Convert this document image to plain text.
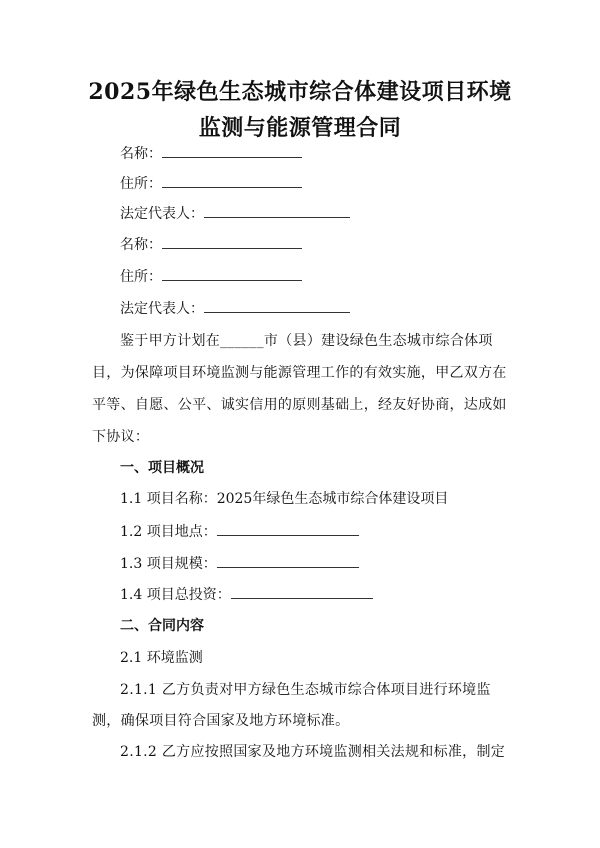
2025年绿色生态城市综合体建设项目环境
监测与能源管理合同
名称：
住所：
法定代表人：
名称：
住所：
法定代表人：
鉴于甲方计划在______市（县）建设绿色生态城市综合体项
目，为保障项目环境监测与能源管理工作的有效实施，甲乙双方在
平等、自愿、公平、诚实信用的原则基础上，经友好协商，达成如
下协议：
一、项目概况
1.1 项目名称：2025年绿色生态城市综合体建设项目
1.2 项目地点：
1.3 项目规模：
1.4 项目总投资：
二、合同内容
2.1 环境监测
2.1.1 乙方负责对甲方绿色生态城市综合体项目进行环境监
测，确保项目符合国家及地方环境标准。
2.1.2 乙方应按照国家及地方环境监测相关法规和标准，制定
